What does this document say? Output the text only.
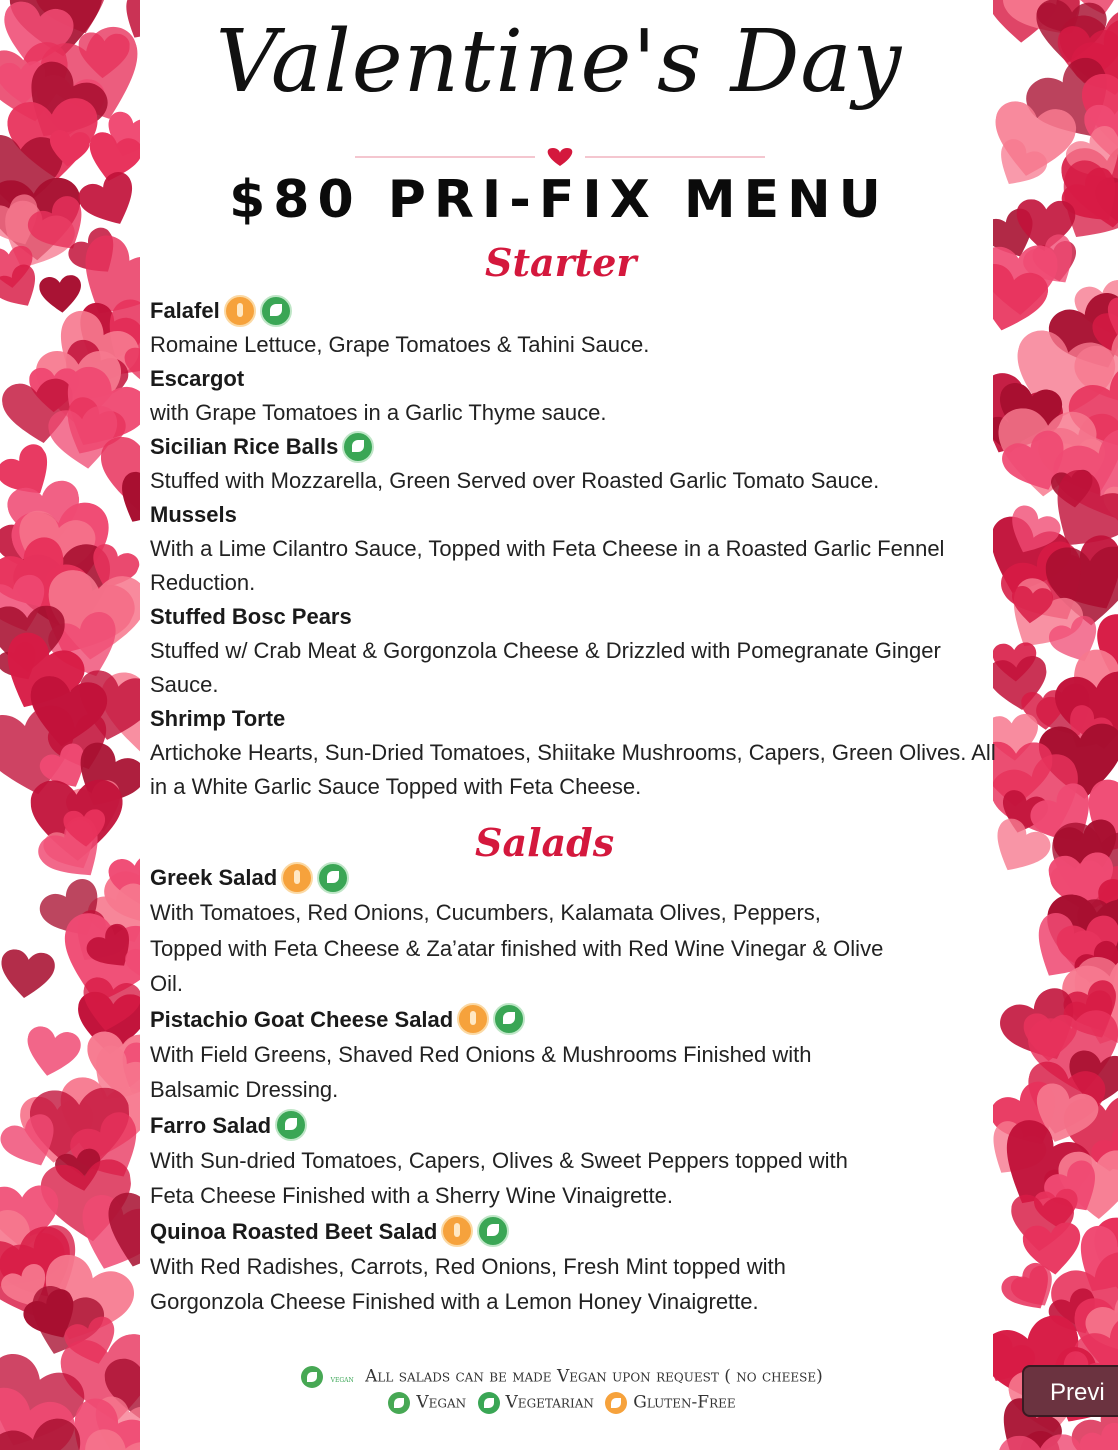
Valentine's Day
$80 PRI-FIX MENU
Starter
Falafel
Romaine Lettuce, Grape Tomatoes & Tahini Sauce.
Escargot
with Grape Tomatoes in a Garlic Thyme sauce.
Sicilian Rice Balls
Stuffed with Mozzarella, Green Served over Roasted Garlic Tomato Sauce.
Mussels
With a Lime Cilantro Sauce, Topped with Feta Cheese in a Roasted Garlic Fennel Reduction.
Stuffed Bosc Pears
Stuffed w/ Crab Meat & Gorgonzola Cheese & Drizzled with Pomegranate Ginger Sauce.
Shrimp Torte
Artichoke Hearts, Sun-Dried Tomatoes, Shiitake Mushrooms, Capers, Green Olives. All in a White Garlic Sauce Topped with Feta Cheese.
Salads
Greek Salad
With Tomatoes, Red Onions, Cucumbers, Kalamata Olives, Peppers, Topped with Feta Cheese & Za’atar finished with Red Wine Vinegar & Olive Oil.
Pistachio Goat Cheese Salad
With Field Greens, Shaved Red Onions & Mushrooms Finished with Balsamic Dressing.
Farro Salad
With Sun-dried Tomatoes, Capers, Olives & Sweet Peppers topped with Feta Cheese Finished with a Sherry Wine Vinaigrette.
Quinoa Roasted Beet Salad
With Red Radishes, Carrots, Red Onions, Fresh Mint topped with Gorgonzola Cheese Finished with a Lemon Honey Vinaigrette.
VEGAN All salads can be made Vegan upon request ( no cheese)
Vegan Vegetarian Gluten-Free	Previ
